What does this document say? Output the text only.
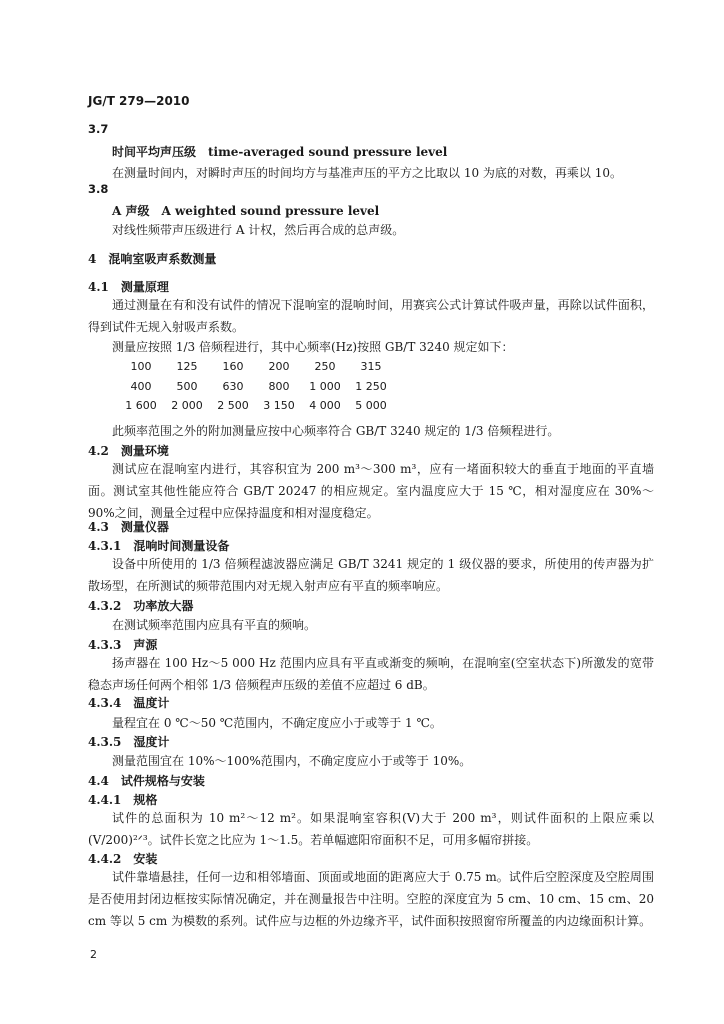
JG/T 279—2010
3.7
时间平均声压级　time-averaged sound pressure level
在测量时间内，对瞬时声压的时间均方与基准声压的平方之比取以 10 为底的对数，再乘以 10。
3.8
A 声级　A weighted sound pressure level
对线性频带声压级进行 A 计权，然后再合成的总声级。
4　混响室吸声系数测量
4.1　测量原理
通过测量在有和没有试件的情况下混响室的混响时间，用赛宾公式计算试件吸声量，再除以试件面积，得到试件无规入射吸声系数。
测量应按照 1/3 倍频程进行，其中心频率(Hz)按照 GB/T 3240 规定如下：
100	125	160	200	250	315
400	500	630	800	1 000	1 250
1 600	2 000	2 500	3 150	4 000	5 000
此频率范围之外的附加测量应按中心频率符合 GB/T 3240 规定的 1/3 倍频程进行。
4.2　测量环境
测试应在混响室内进行，其容积宜为 200 m³～300 m³，应有一堵面积较大的垂直于地面的平直墙面。测试室其他性能应符合 GB/T 20247 的相应规定。室内温度应大于 15 ℃，相对湿度应在 30%～90%之间，测量全过程中应保持温度和相对湿度稳定。
4.3　测量仪器
4.3.1　混响时间测量设备
设备中所使用的 1/3 倍频程滤波器应满足 GB/T 3241 规定的 1 级仪器的要求，所使用的传声器为扩散场型，在所测试的频带范围内对无规入射声应有平直的频率响应。
4.3.2　功率放大器
在测试频率范围内应具有平直的频响。
4.3.3　声源
扬声器在 100 Hz～5 000 Hz 范围内应具有平直或渐变的频响，在混响室(空室状态下)所激发的宽带稳态声场任何两个相邻 1/3 倍频程声压级的差值不应超过 6 dB。
4.3.4　温度计
量程宜在 0 ℃～50 ℃范围内，不确定度应小于或等于 1 ℃。
4.3.5　湿度计
测量范围宜在 10%～100%范围内，不确定度应小于或等于 10%。
4.4　试件规格与安装
4.4.1　规格
试件的总面积为 10 m²～12 m²。如果混响室容积(V)大于 200 m³，则试件面积的上限应乘以(V/200)²ᐟ³。试件长宽之比应为 1～1.5。若单幅遮阳帘面积不足，可用多幅帘拼接。
4.4.2　安装
试件靠墙悬挂，任何一边和相邻墙面、顶面或地面的距离应大于 0.75 m。试件后空腔深度及空腔周围是否使用封闭边框按实际情况确定，并在测量报告中注明。空腔的深度宜为 5 cm、10 cm、15 cm、20 cm 等以 5 cm 为模数的系列。试件应与边框的外边缘齐平，试件面积按照窗帘所覆盖的内边缘面积计算。
2
